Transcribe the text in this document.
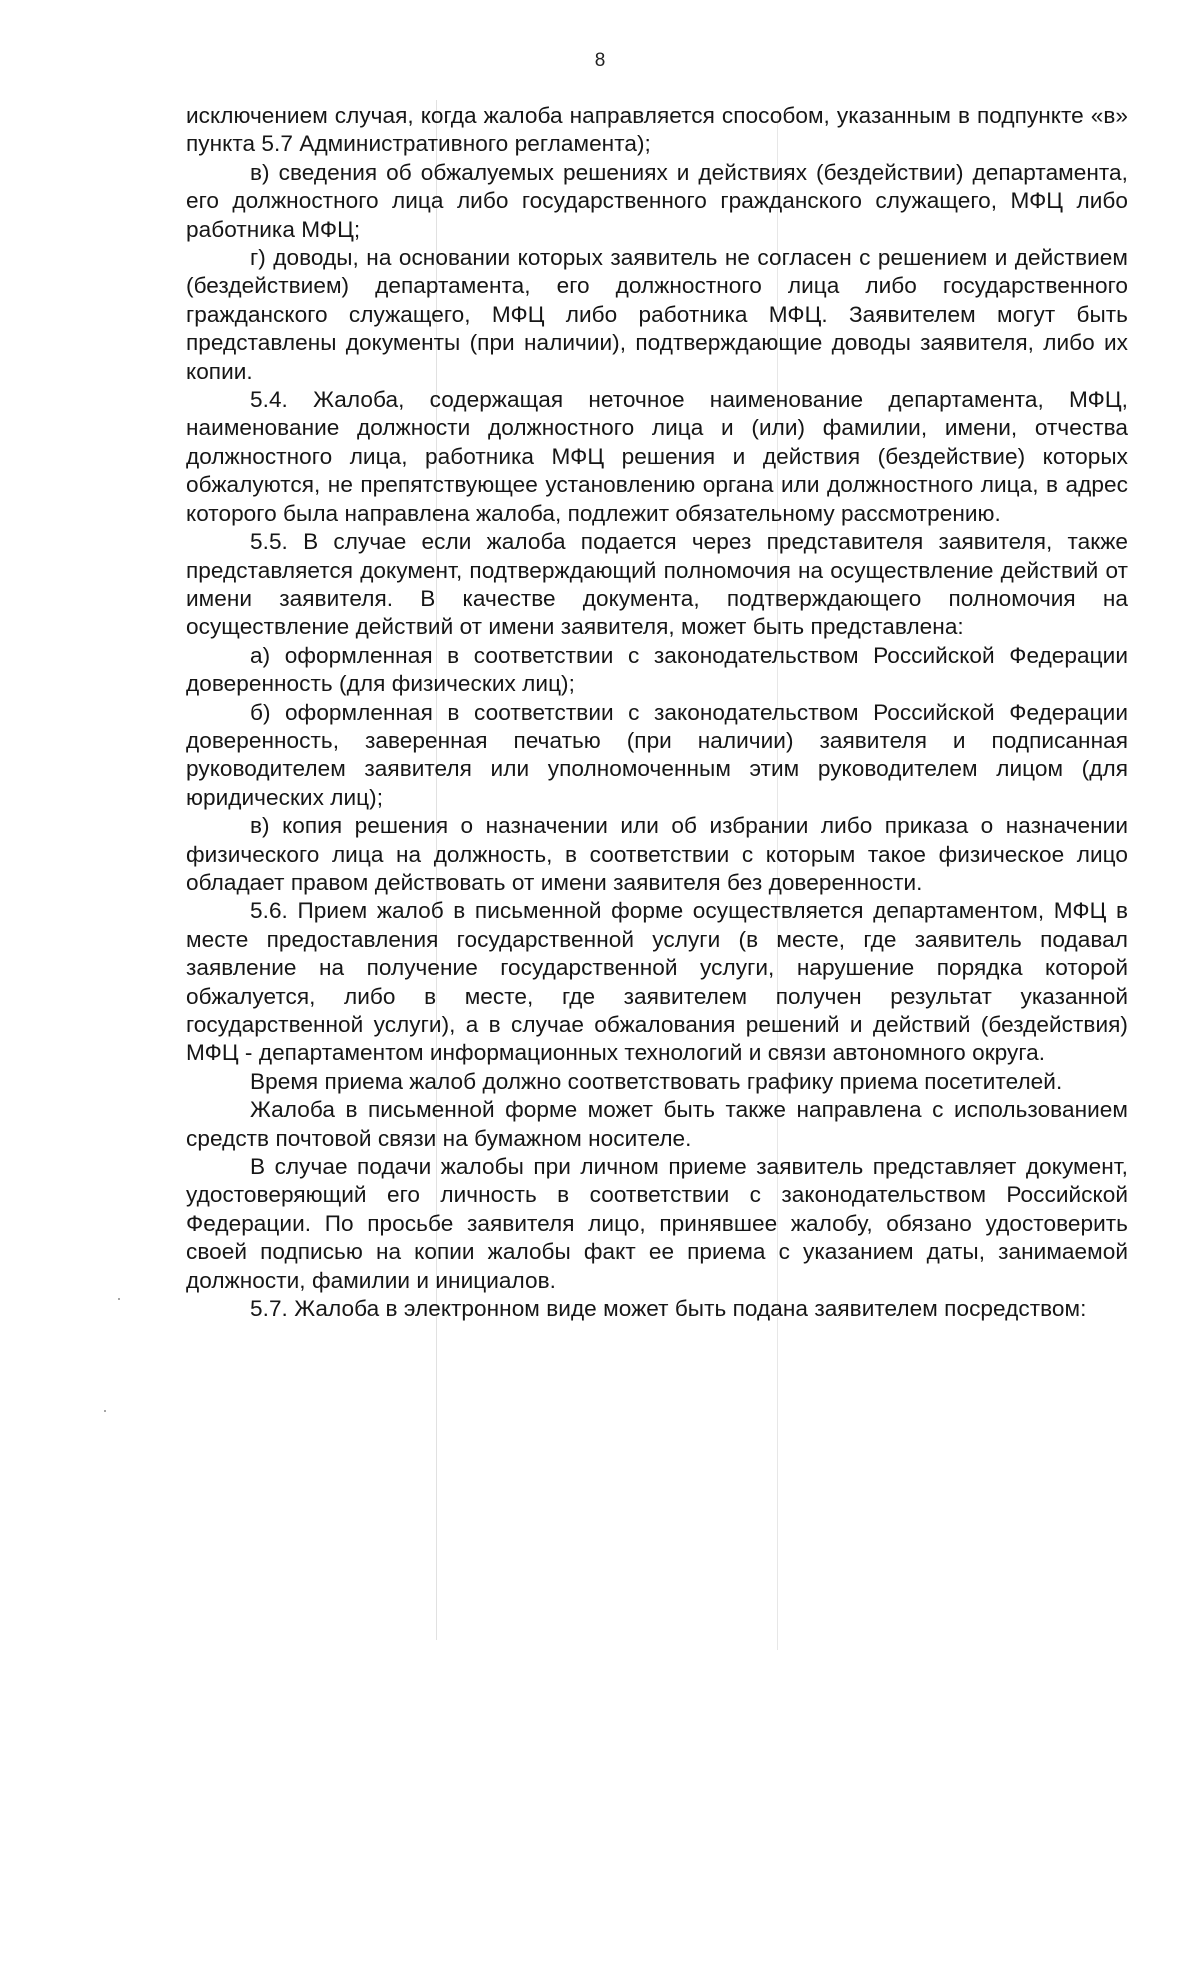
8

исключением случая, когда жалоба направляется способом, указанным в подпункте «в» пункта 5.7 Административного регламента);

в) сведения об обжалуемых решениях и действиях (бездействии) департамента, его должностного лица либо государственного гражданского служащего, МФЦ либо работника МФЦ;

г) доводы, на основании которых заявитель не согласен с решением и действием (бездействием) департамента, его должностного лица либо государственного гражданского служащего, МФЦ либо работника МФЦ. Заявителем могут быть представлены документы (при наличии), подтверждающие доводы заявителя, либо их копии.

5.4. Жалоба, содержащая неточное наименование департамента, МФЦ, наименование должности должностного лица и (или) фамилии, имени, отчества должностного лица, работника МФЦ решения и действия (бездействие) которых обжалуются, не препятствующее установлению органа или должностного лица, в адрес которого была направлена жалоба, подлежит обязательному рассмотрению.

5.5. В случае если жалоба подается через представителя заявителя, также представляется документ, подтверждающий полномочия на осуществление действий от имени заявителя. В качестве документа, подтверждающего полномочия на осуществление действий от имени заявителя, может быть представлена:

а) оформленная в соответствии с законодательством Российской Федерации доверенность (для физических лиц);

б) оформленная в соответствии с законодательством Российской Федерации доверенность, заверенная печатью (при наличии) заявителя и подписанная руководителем заявителя или уполномоченным этим руководителем лицом (для юридических лиц);

в) копия решения о назначении или об избрании либо приказа о назначении физического лица на должность, в соответствии с которым такое физическое лицо обладает правом действовать от имени заявителя без доверенности.

5.6. Прием жалоб в письменной форме осуществляется департаментом, МФЦ в месте предоставления государственной услуги (в месте, где заявитель подавал заявление на получение государственной услуги, нарушение порядка которой обжалуется, либо в месте, где заявителем получен результат указанной государственной услуги), а в случае обжалования решений и действий (бездействия) МФЦ - департаментом информационных технологий и связи автономного округа.

Время приема жалоб должно соответствовать графику приема посетителей.

Жалоба в письменной форме может быть также направлена с использованием средств почтовой связи на бумажном носителе.

В случае подачи жалобы при личном приеме заявитель представляет документ, удостоверяющий его личность в соответствии с законодательством Российской Федерации. По просьбе заявителя лицо, принявшее жалобу, обязано удостоверить своей подписью на копии жалобы факт ее приема с указанием даты, занимаемой должности, фамилии и инициалов.

5.7. Жалоба в электронном виде может быть подана заявителем посредством:
